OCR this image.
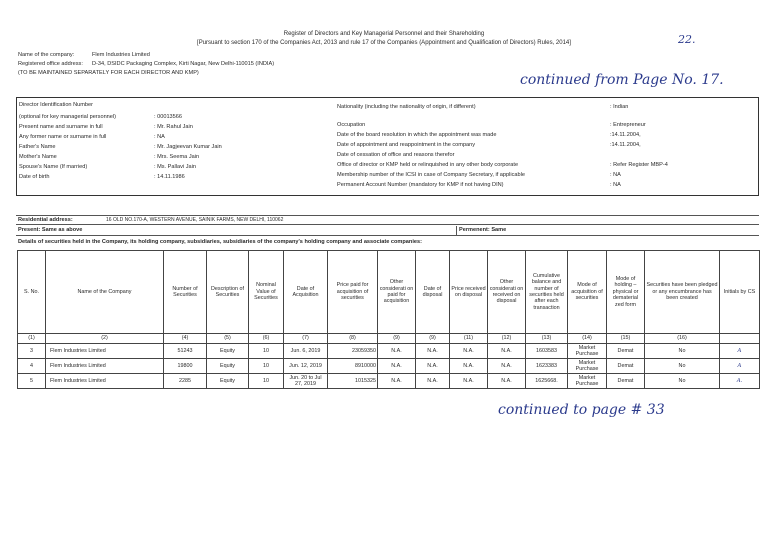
Register of Directors and Key Managerial Personnel and their Shareholding
[Pursuant to section 170 of the Companies Act, 2013 and rule 17 of the Companies (Appointment and Qualification of Directors) Rules, 2014]	22.
Name of the company:	Flem Industries Limited
Registered office address: D-34, DSIDC Packaging Complex, Kirti Nagar, New Delhi-110015 (INDIA)
(TO BE MAINTAINED SEPARATELY FOR EACH DIRECTOR AND KMP)	continued from Page No. 17.
Director Identification Number
(optional for key managerial personnel)	: 00013566
Present name and surname in full	: Mr. Rahul Jain
Any former name or surname in full	: NA
Father's Name	: Mr. Jagjeevan Kumar Jain
Mother's Name	: Mrs. Seema Jain
Spouse's Name (If married)	: Ms. Pallavi Jain
Date of birth	: 14.11.1986
Nationality (including the nationality of origin, if different)	: Indian
Occupation	: Entrepreneur
Date of the board resolution in which the appointment was made	:14.11.2004,
Date of appointment and reappointment in the company	:14.11.2004,
Date of cessation of office and reasons therefor
Office of director or KMP held or relinquished in any other body corporate	: Refer Register MBP-4
Membership number of the ICSI in case of Company Secretary, if applicable	: NA
Permanent Account Number (mandatory for KMP if not having DIN)	: NA
Residential address:	16 OLD NO.170-A, WESTERN AVENUE, SAINIK FARMS, NEW DELHI, 110062
Present: Same as above	Permenent: Same
Details of securities held in the Company, its holding company, subsidiaries, subsidiaries of the company's holding company and associate companies:
S. No.	Name of the Company	Number of Securities	Description of Securities	Nominal Value of Securities	Date of Acquisition	Price paid for acquisition of securities	Other considerati on paid for acquisition	Date of disposal	Price received on disposal	Other considerati on received on disposal	Cumulative balance and number of securities held after each transaction	Mode of acquisition of securities	Mode of holding – physical or dematerial zed form	Securities have been pledged or any encumbrance has been created	Initials by CS
(1)	(2)	(4)	(5)	(6)	(7)	(8)	(9)	(9)	(11)	(12)	(13)	(14)	(15)	(16)	
3	Flem Industries Limited	51243	Equity	10	Jun. 6, 2019	23059350	N.A.	N.A.	N.A.	N.A.	1603583	Market Purchase	Demat	No	A
4	Flem Industries Limited	19800	Equity	10	Jun. 12, 2019	8910000	N.A.	N.A.	N.A.	N.A.	1623383	Market Purchase	Demat	No	A
5	Flem Industries Limited	2285	Equity	10	Jun. 20 to Jul 27, 2019	1015325	N.A.	N.A.	N.A.	N.A.	1625668.	Market Purchase	Demat	No	A.
continued to page # 33
